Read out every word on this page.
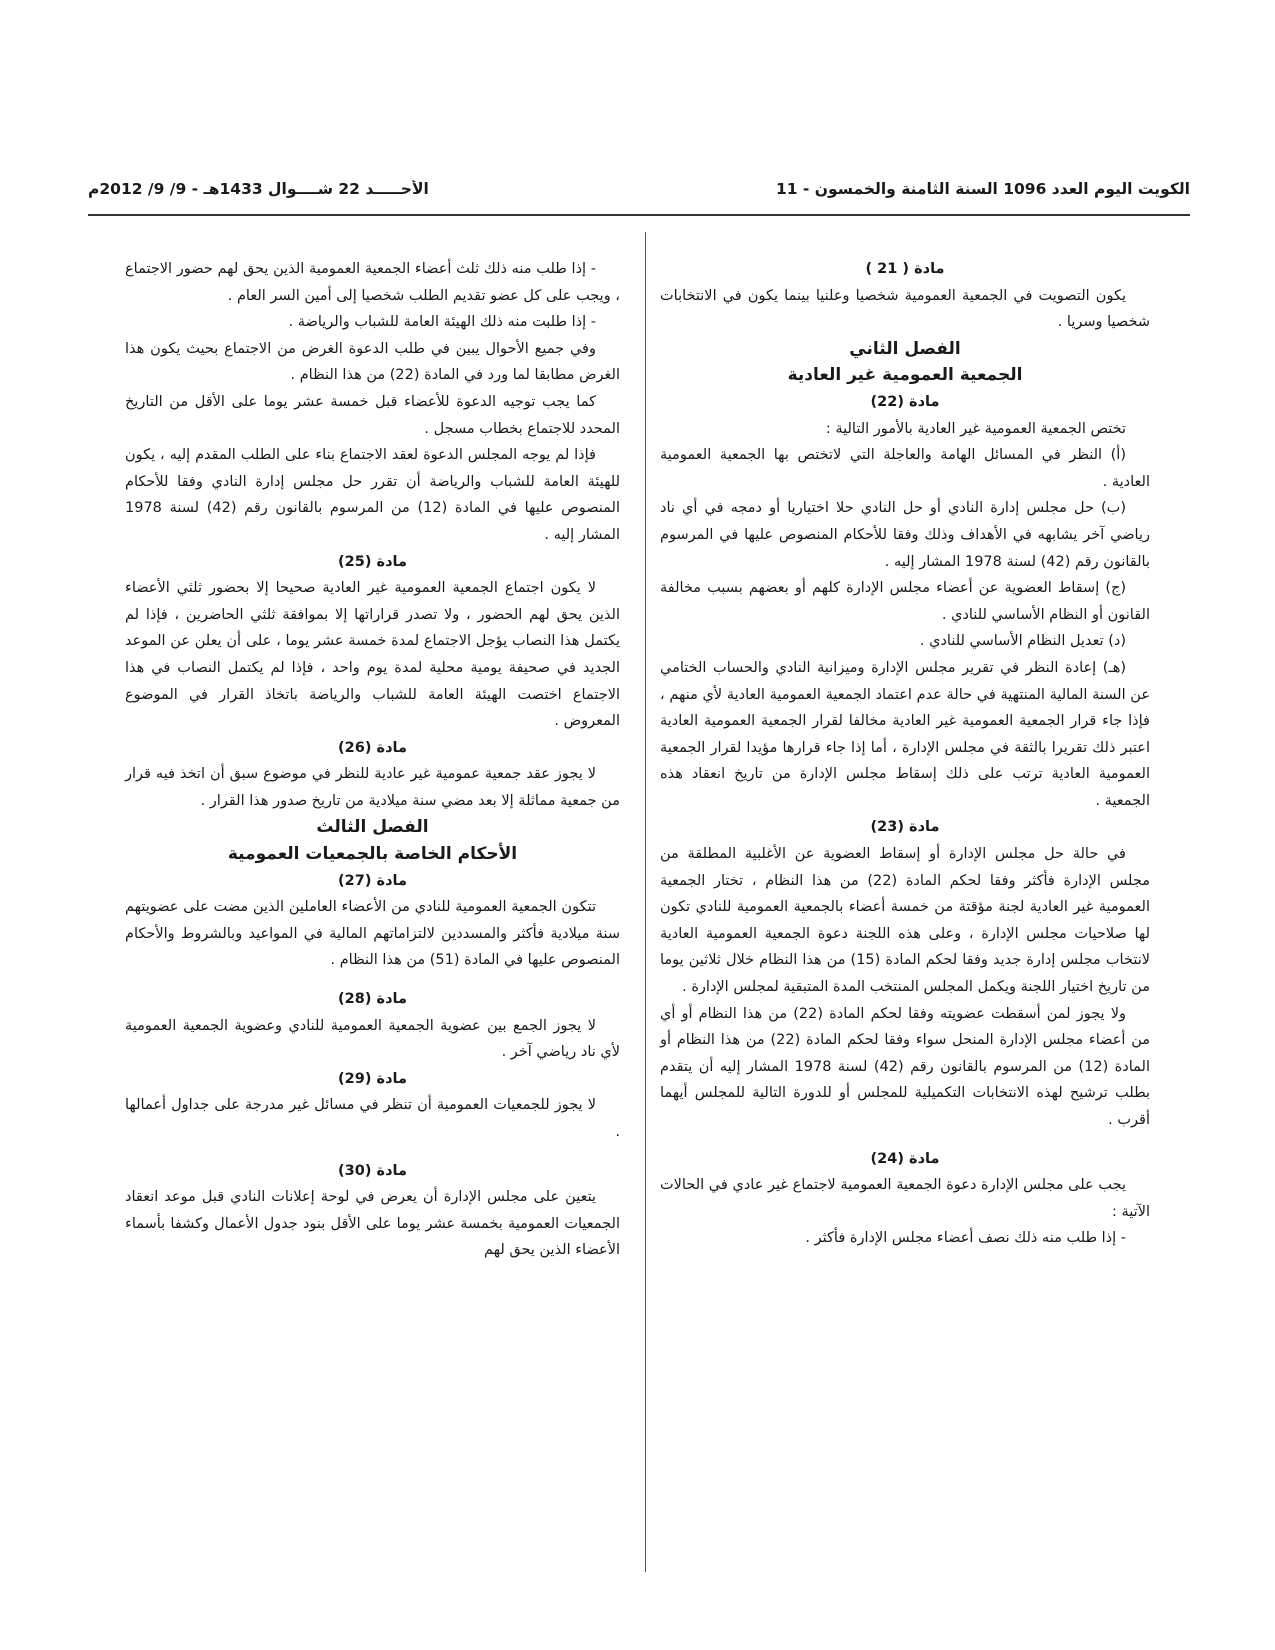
الكويت اليوم العدد 1096 السنة الثامنة والخمسون - 11
الأحـــــد 22 شــــوال 1433هـ - 9/ 9/ 2012م

مادة ( 21 )

يكون التصويت في الجمعية العمومية شخصيا وعلنيا بينما يكون في الانتخابات شخصيا وسريا .

الفصل الثاني

الجمعية العمومية غير العادية

مادة (22)

تختص الجمعية العمومية غير العادية بالأمور التالية :

(أ) النظر في المسائل الهامة والعاجلة التي لاتختص بها الجمعية العمومية العادية .

(ب) حل مجلس إدارة النادي أو حل النادي حلا اختياريا أو دمجه في أي ناد رياضي آخر يشابهه في الأهداف وذلك وفقا للأحكام المنصوص عليها في المرسوم بالقانون رقم (42) لسنة 1978 المشار إليه .

(ج) إسقاط العضوية عن أعضاء مجلس الإدارة كلهم أو بعضهم بسبب مخالفة القانون أو النظام الأساسي للنادي .

(د) تعديل النظام الأساسي للنادي .

(هـ) إعادة النظر في تقرير مجلس الإدارة وميزانية النادي والحساب الختامي عن السنة المالية المنتهية في حالة عدم اعتماد الجمعية العمومية العادية لأي منهم ، فإذا جاء قرار الجمعية العمومية غير العادية مخالفا لقرار الجمعية العمومية العادية اعتبر ذلك تقريرا بالثقة في مجلس الإدارة ، أما إذا جاء قرارها مؤيدا لقرار الجمعية العمومية العادية ترتب على ذلك إسقاط مجلس الإدارة من تاريخ انعقاد هذه الجمعية .

مادة (23)

في حالة حل مجلس الإدارة أو إسقاط العضوية عن الأغلبية المطلقة من مجلس الإدارة فأكثر وفقا لحكم المادة (22) من هذا النظام ، تختار الجمعية العمومية غير العادية لجنة مؤقتة من خمسة أعضاء بالجمعية العمومية للنادي تكون لها صلاحيات مجلس الإدارة ، وعلى هذه اللجنة دعوة الجمعية العمومية العادية لانتخاب مجلس إدارة جديد وفقا لحكم المادة (15) من هذا النظام خلال ثلاثين يوما من تاريخ اختيار اللجنة ويكمل المجلس المنتخب المدة المتبقية لمجلس الإدارة .

ولا يجوز لمن أسقطت عضويته وفقا لحكم المادة (22) من هذا النظام أو أي من أعضاء مجلس الإدارة المنحل سواء وفقا لحكم المادة (22) من هذا النظام أو المادة (12) من المرسوم بالقانون رقم (42) لسنة 1978 المشار إليه أن يتقدم بطلب ترشيح لهذه الانتخابات التكميلية للمجلس أو للدورة التالية للمجلس أيهما أقرب .

مادة (24)

يجب على مجلس الإدارة دعوة الجمعية العمومية لاجتماع غير عادي في الحالات الآتية :

- إذا طلب منه ذلك نصف أعضاء مجلس الإدارة فأكثر .

- إذا طلب منه ذلك ثلث أعضاء الجمعية العمومية الذين يحق لهم حضور الاجتماع ، ويجب على كل عضو تقديم الطلب شخصيا إلى أمين السر العام .

- إذا طلبت منه ذلك الهيئة العامة للشباب والرياضة .

وفي جميع الأحوال يبين في طلب الدعوة الغرض من الاجتماع بحيث يكون هذا الغرض مطابقا لما ورد في المادة (22) من هذا النظام .

كما يجب توجيه الدعوة للأعضاء قبل خمسة عشر يوما على الأقل من التاريخ المحدد للاجتماع بخطاب مسجل .

فإذا لم يوجه المجلس الدعوة لعقد الاجتماع بناء على الطلب المقدم إليه ، يكون للهيئة العامة للشباب والرياضة أن تقرر حل مجلس إدارة النادي وفقا للأحكام المنصوص عليها في المادة (12) من المرسوم بالقانون رقم (42) لسنة 1978 المشار إليه .

مادة (25)

لا يكون اجتماع الجمعية العمومية غير العادية صحيحا إلا بحضور ثلثي الأعضاء الذين يحق لهم الحضور ، ولا تصدر قراراتها إلا بموافقة ثلثي الحاضرين ، فإذا لم يكتمل هذا النصاب يؤجل الاجتماع لمدة خمسة عشر يوما ، على أن يعلن عن الموعد الجديد في صحيفة يومية محلية لمدة يوم واحد ، فإذا لم يكتمل النصاب في هذا الاجتماع اختصت الهيئة العامة للشباب والرياضة باتخاذ القرار في الموضوع المعروض .

مادة (26)

لا يجوز عقد جمعية عمومية غير عادية للنظر في موضوع سبق أن اتخذ فيه قرار من جمعية مماثلة إلا بعد مضي سنة ميلادية من تاريخ صدور هذا القرار .

الفصل الثالث

الأحكام الخاصة بالجمعيات العمومية

مادة (27)

تتكون الجمعية العمومية للنادي من الأعضاء العاملين الذين مضت على عضويتهم سنة ميلادية فأكثر والمسددين لالتزاماتهم المالية في المواعيد وبالشروط والأحكام المنصوص عليها في المادة (51) من هذا النظام .

مادة (28)

لا يجوز الجمع بين عضوية الجمعية العمومية للنادي وعضوية الجمعية العمومية لأي ناد رياضي آخر .

مادة (29)

لا يجوز للجمعيات العمومية أن تنظر في مسائل غير مدرجة على جداول أعمالها .

مادة (30)

يتعين على مجلس الإدارة أن يعرض في لوحة إعلانات النادي قبل موعد انعقاد الجمعيات العمومية بخمسة عشر يوما على الأقل بنود جدول الأعمال وكشفا بأسماء الأعضاء الذين يحق لهم
